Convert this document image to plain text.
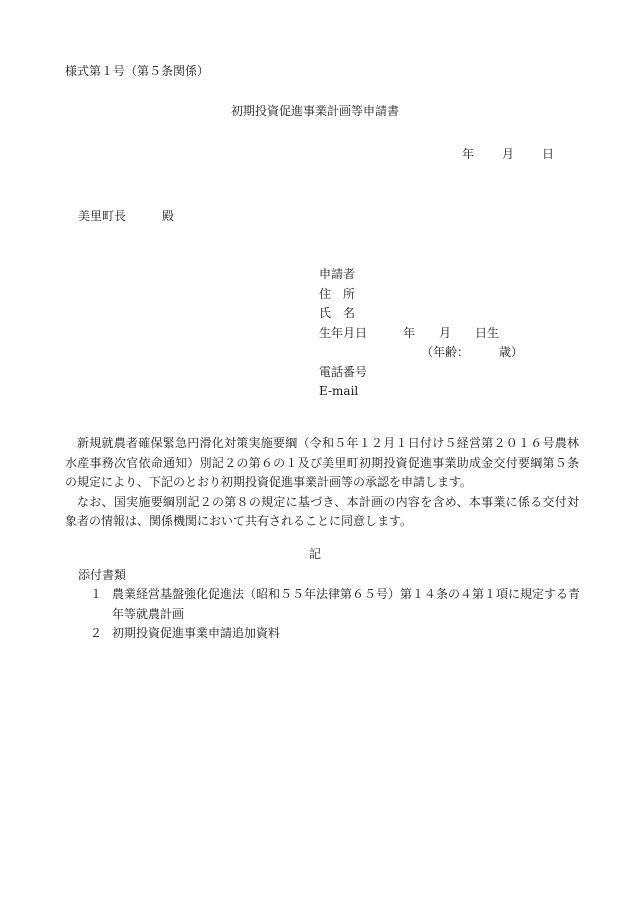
様式第１号（第５条関係）
初期投資促進事業計画等申請書
年 月 日
美里町長　　　殿
申請者
住　所
氏　名
生年月日　　　年　　月　　日生
（年齢：　　　歳）
電話番号
E-mail

新規就農者確保緊急円滑化対策実施要綱（令和５年１２月１日付け５経営第２０１６号農林水産事務次官依命通知）別記２の第６の１及び美里町初期投資促進事業助成金交付要綱第５条の規定により、下記のとおり初期投資促進事業計画等の承認を申請します。

なお、国実施要綱別記２の第８の規定に基づき、本計画の内容を含め、本事業に係る交付対象者の情報は、関係機関において共有されることに同意します。

記
添付書類
１ 農業経営基盤強化促進法（昭和５５年法律第６５号）第１４条の４第１項に規定する青年等就農計画
２ 初期投資促進事業申請追加資料
